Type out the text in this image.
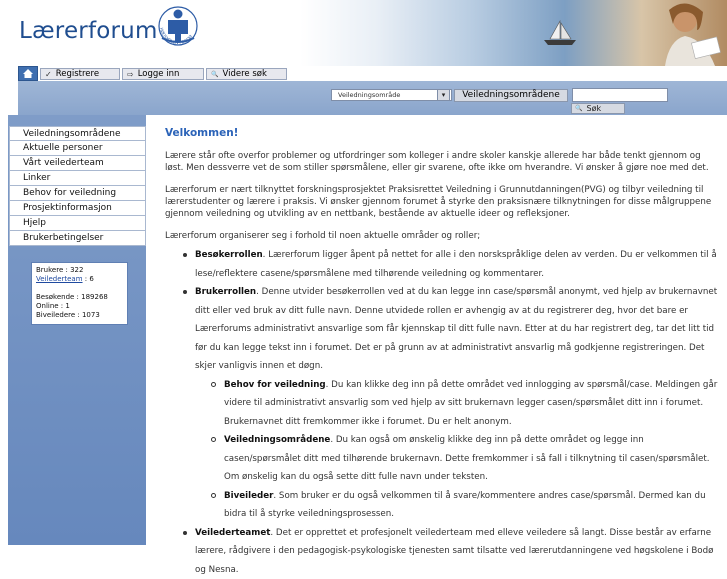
Lærerforum HØGSKOLEN I BODØ
✓ Registrere	⇨ Logge inn	🔍 Videre søk
Veiledningsområde	▾	Veiledningsområdene
🔍 Søk
Veiledningsområdene
Aktuelle personer
Vårt veilederteam
Linker
Behov for veiledning
Prosjektinformasjon
Hjelp
Brukerbetingelser
Brukere : 322
Veilederteam : 6
Besøkende : 189268
Online : 1
Biveiledere : 1073
Velkommen!

Lærere står ofte overfor problemer og utfordringer som kolleger i andre skoler kanskje allerede har både tenkt gjennom og løst. Men dessverre vet de som stiller spørsmålene, eller gir svarene, ofte ikke om hverandre. Vi ønsker å gjøre noe med det.

Lærerforum er nært tilknyttet forskningsprosjektet Praksisrettet Veiledning i Grunnutdanningen(PVG) og tilbyr veiledning til lærerstudenter og lærere i praksis. Vi ønsker gjennom forumet å styrke den praksisnære tilknytningen for disse målgruppene gjennom veiledning og utvikling av en nettbank, bestående av aktuelle ideer og refleksjoner.

Lærerforum organiserer seg i forhold til noen aktuelle områder og roller;

Besøkerrollen. Lærerforum ligger åpent på nettet for alle i den norskspråklige delen av verden. Du er velkommen til å lese/reflektere casene/spørsmålene med tilhørende veiledning og kommentarer.
Brukerrollen. Denne utvider besøkerrollen ved at du kan legge inn case/spørsmål anonymt, ved hjelp av brukernavnet ditt eller ved bruk av ditt fulle navn. Denne utvidede rollen er avhengig av at du registrerer deg, hvor det bare er Lærerforums administrativt ansvarlige som får kjennskap til ditt fulle navn. Etter at du har registrert deg, tar det litt tid før du kan legge tekst inn i forumet. Det er på grunn av at administrativt ansvarlig må godkjenne registreringen. Det skjer vanligvis innen et døgn.
Behov for veiledning. Du kan klikke deg inn på dette området ved innlogging av spørsmål/case. Meldingen går videre til administrativt ansvarlig som ved hjelp av sitt brukernavn legger casen/spørsmålet ditt inn i forumet. Brukernavnet ditt fremkommer ikke i forumet. Du er helt anonym.
Veiledningsområdene. Du kan også om ønskelig klikke deg inn på dette området og legge inn casen/spørsmålet ditt med tilhørende brukernavn. Dette fremkommer i så fall i tilknytning til casen/spørsmålet. Om ønskelig kan du også sette ditt fulle navn under teksten.
Biveileder. Som bruker er du også velkommen til å svare/kommentere andres case/spørsmål. Dermed kan du bidra til å styrke veiledningsprosessen.
Veilederteamet. Det er opprettet et profesjonelt veilederteam med elleve veiledere så langt. Disse består av erfarne lærere, rådgivere i den pedagogisk-psykologiske tjenesten samt tilsatte ved lærerutdanningene ved høgskolene i Bodø og Nesna.
